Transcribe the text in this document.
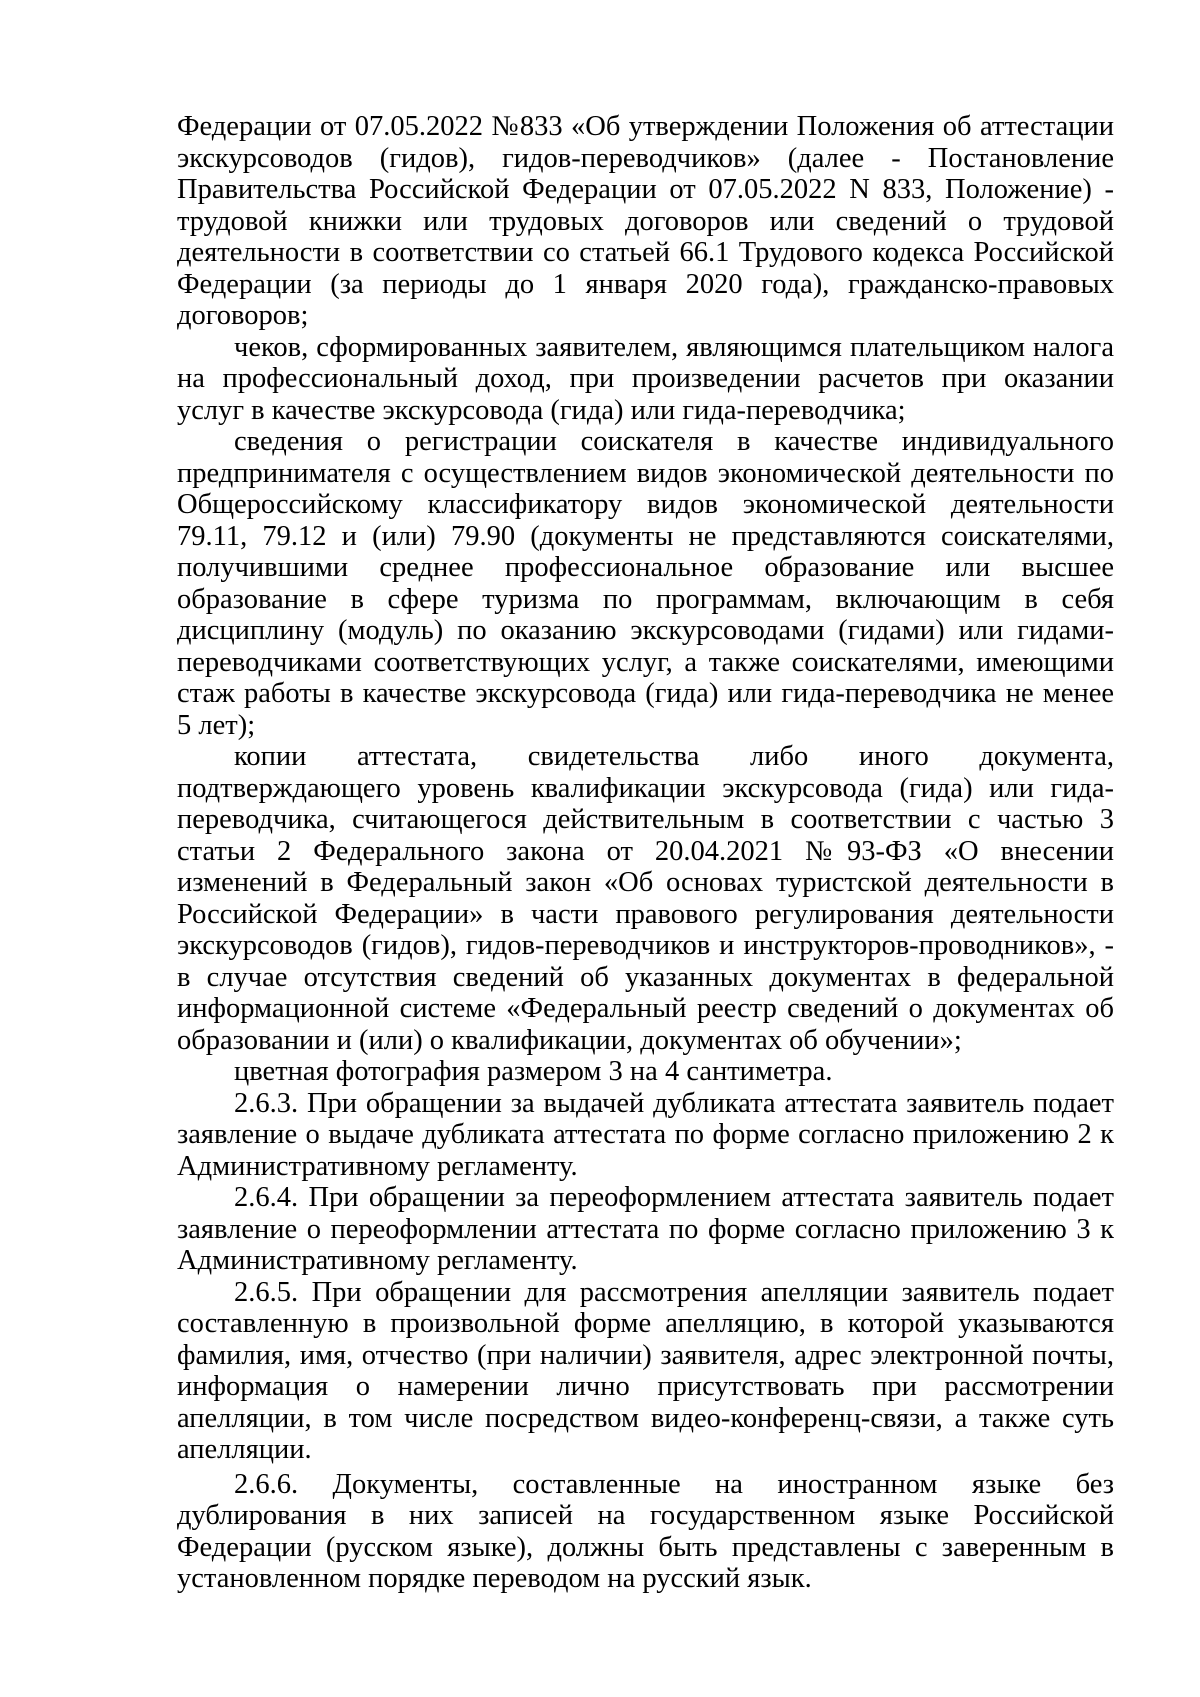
Федерации от 07.05.2022 №833 «Об утверждении Положения об аттестации экскурсоводов (гидов), гидов-переводчиков» (далее - Постановление Правительства Российской Федерации от 07.05.2022 N 833, Положение) - трудовой книжки или трудовых договоров или сведений о трудовой деятельности в соответствии со статьей 66.1 Трудового кодекса Российской Федерации (за периоды до 1 января 2020 года), гражданско-правовых договоров;

чеков, сформированных заявителем, являющимся плательщиком налога на профессиональный доход, при произведении расчетов при оказании услуг в качестве экскурсовода (гида) или гида-переводчика;

сведения о регистрации соискателя в качестве индивидуального предпринимателя с осуществлением видов экономической деятельности по Общероссийскому классификатору видов экономической деятельности 79.11, 79.12 и (или) 79.90 (документы не представляются соискателями, получившими среднее профессиональное образование или высшее образование в сфере туризма по программам, включающим в себя дисциплину (модуль) по оказанию экскурсоводами (гидами) или гидами-переводчиками соответствующих услуг, а также соискателями, имеющими стаж работы в качестве экскурсовода (гида) или гида-переводчика не менее 5 лет);

копии аттестата, свидетельства либо иного документа, подтверждающего уровень квалификации экскурсовода (гида) или гида-переводчика, считающегося действительным в соответствии с частью 3 статьи 2 Федерального закона от 20.04.2021 №93-ФЗ «О внесении изменений в Федеральный закон «Об основах туристской деятельности в Российской Федерации» в части правового регулирования деятельности экскурсоводов (гидов), гидов-переводчиков и инструкторов-проводников», - в случае отсутствия сведений об указанных документах в федеральной информационной системе «Федеральный реестр сведений о документах об образовании и (или) о квалификации, документах об обучении»;

цветная фотография размером 3 на 4 сантиметра.

2.6.3. При обращении за выдачей дубликата аттестата заявитель подает заявление о выдаче дубликата аттестата по форме согласно приложению 2 к Административному регламенту.

2.6.4. При обращении за переоформлением аттестата заявитель подает заявление о переоформлении аттестата по форме согласно приложению 3 к Административному регламенту.

2.6.5. При обращении для рассмотрения апелляции заявитель подает составленную в произвольной форме апелляцию, в которой указываются фамилия, имя, отчество (при наличии) заявителя, адрес электронной почты, информация о намерении лично присутствовать при рассмотрении апелляции, в том числе посредством видео-конференц-связи, а также суть апелляции.

2.6.6. Документы, составленные на иностранном языке без дублирования в них записей на государственном языке Российской Федерации (русском языке), должны быть представлены с заверенным в установленном порядке переводом на русский язык.
